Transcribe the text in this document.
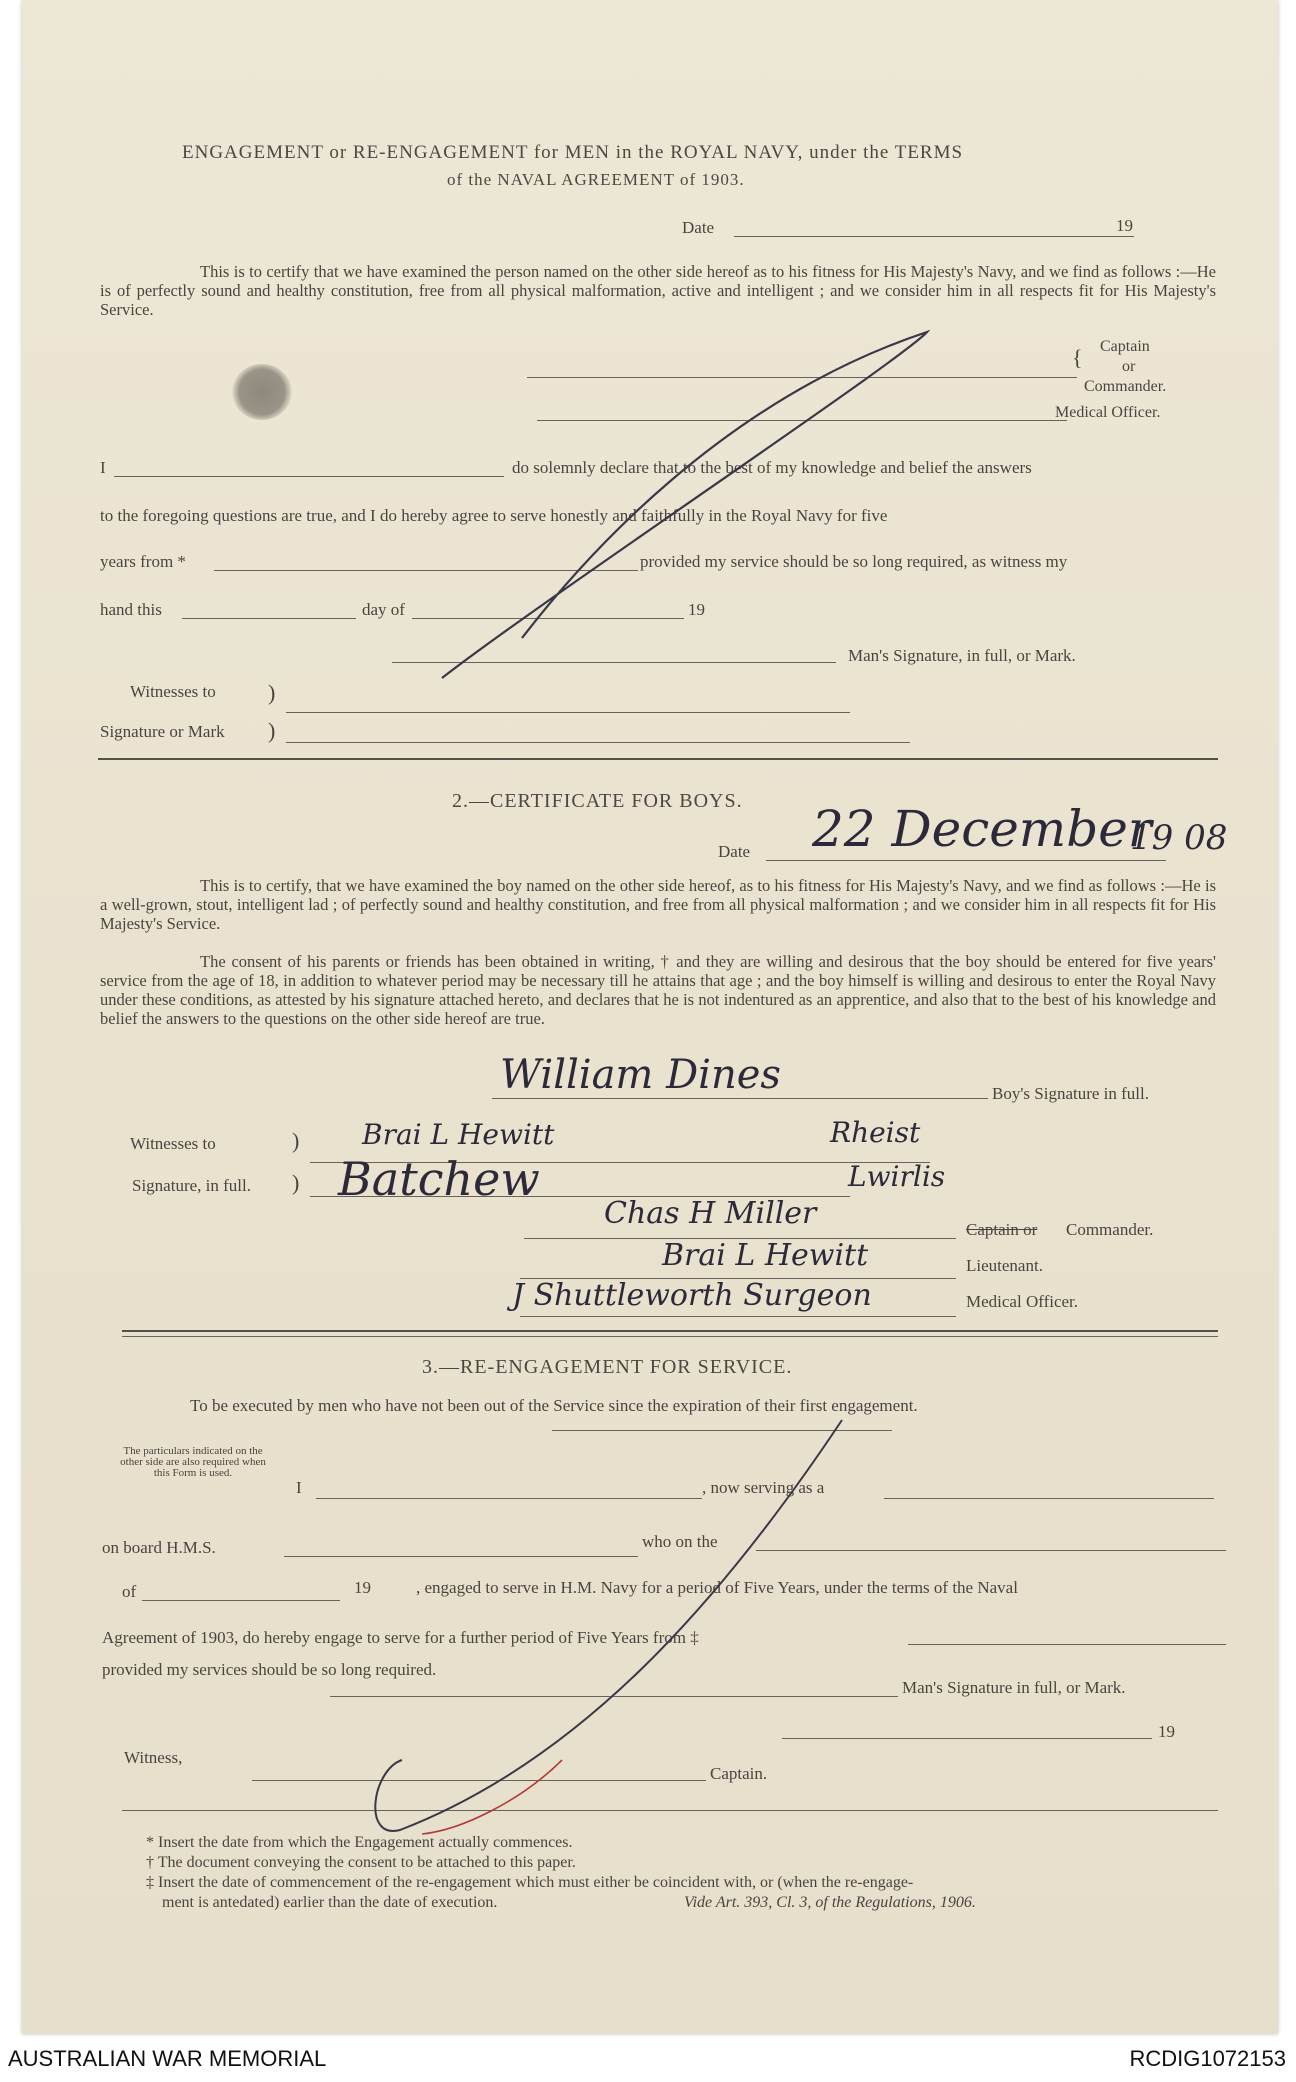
ENGAGEMENT or RE-ENGAGEMENT for MEN in the ROYAL NAVY, under the TERMS
of the NAVAL AGREEMENT of 1903.
Date	19
This is to certify that we have examined the person named on the other side hereof as to his fitness for His Majesty's Navy, and we find as follows :—He is of perfectly sound and healthy constitution, free from all physical malformation, active and intelligent ; and we consider him in all respects fit for His Majesty's Service.
{ Captain
or
Commander.
Medical Officer.
I	do solemnly declare that to the best of my knowledge and belief the answers
to the foregoing questions are true, and I do hereby agree to serve honestly and faithfully in the Royal Navy for five
years from *	provided my service should be so long required, as witness my
hand this	day of	19
Man's Signature, in full, or Mark.
Witnesses to )
Signature or Mark )
2.—CERTIFICATE FOR BOYS.
Date 22 December
19 08
This is to certify, that we have examined the boy named on the other side hereof, as to his fitness for His Majesty's Navy, and we find as follows :—He is a well-grown, stout, intelligent lad ; of perfectly sound and healthy constitution, and free from all physical malformation ; and we consider him in all respects fit for His Majesty's Service.
The consent of his parents or friends has been obtained in writing, † and they are willing and desirous that the boy should be entered for five years' service from the age of 18, in addition to whatever period may be necessary till he attains that age ; and the boy himself is willing and desirous to enter the Royal Navy under these conditions, as attested by his signature attached hereto, and declares that he is not indentured as an apprentice, and also that to the best of his knowledge and belief the answers to the questions on the other side hereof are true.
William Dines	Boy's Signature in full.
Witnesses to	) Brai L Hewitt	Rheist
Signature, in full. ) Batchew	Lwirlis
Chas H Miller	Captain or Commander.
Brai L Hewitt	Lieutenant.
J Shuttleworth Surgeon	Medical Officer.
3.—RE-ENGAGEMENT FOR SERVICE.
To be executed by men who have not been out of the Service since the expiration of their first engagement.
The particulars indicated on the other side are also required when this Form is used.
I	, now serving as a
on board H.M.S.	who on the
of	19	, engaged to serve in H.M. Navy for a period of Five Years, under the terms of the Naval
Agreement of 1903, do hereby engage to serve for a further period of Five Years from ‡
provided my services should be so long required.
Man's Signature in full, or Mark.
19
Witness,
Captain.
* Insert the date from which the Engagement actually commences.
† The document conveying the consent to be attached to this paper.
‡ Insert the date of commencement of the re-engagement which must either be coincident with, or (when the re-engage-
ment is antedated) earlier than the date of execution.	Vide Art. 393, Cl. 3, of the Regulations, 1906.
AUSTRALIAN WAR MEMORIAL	RCDIG1072153
